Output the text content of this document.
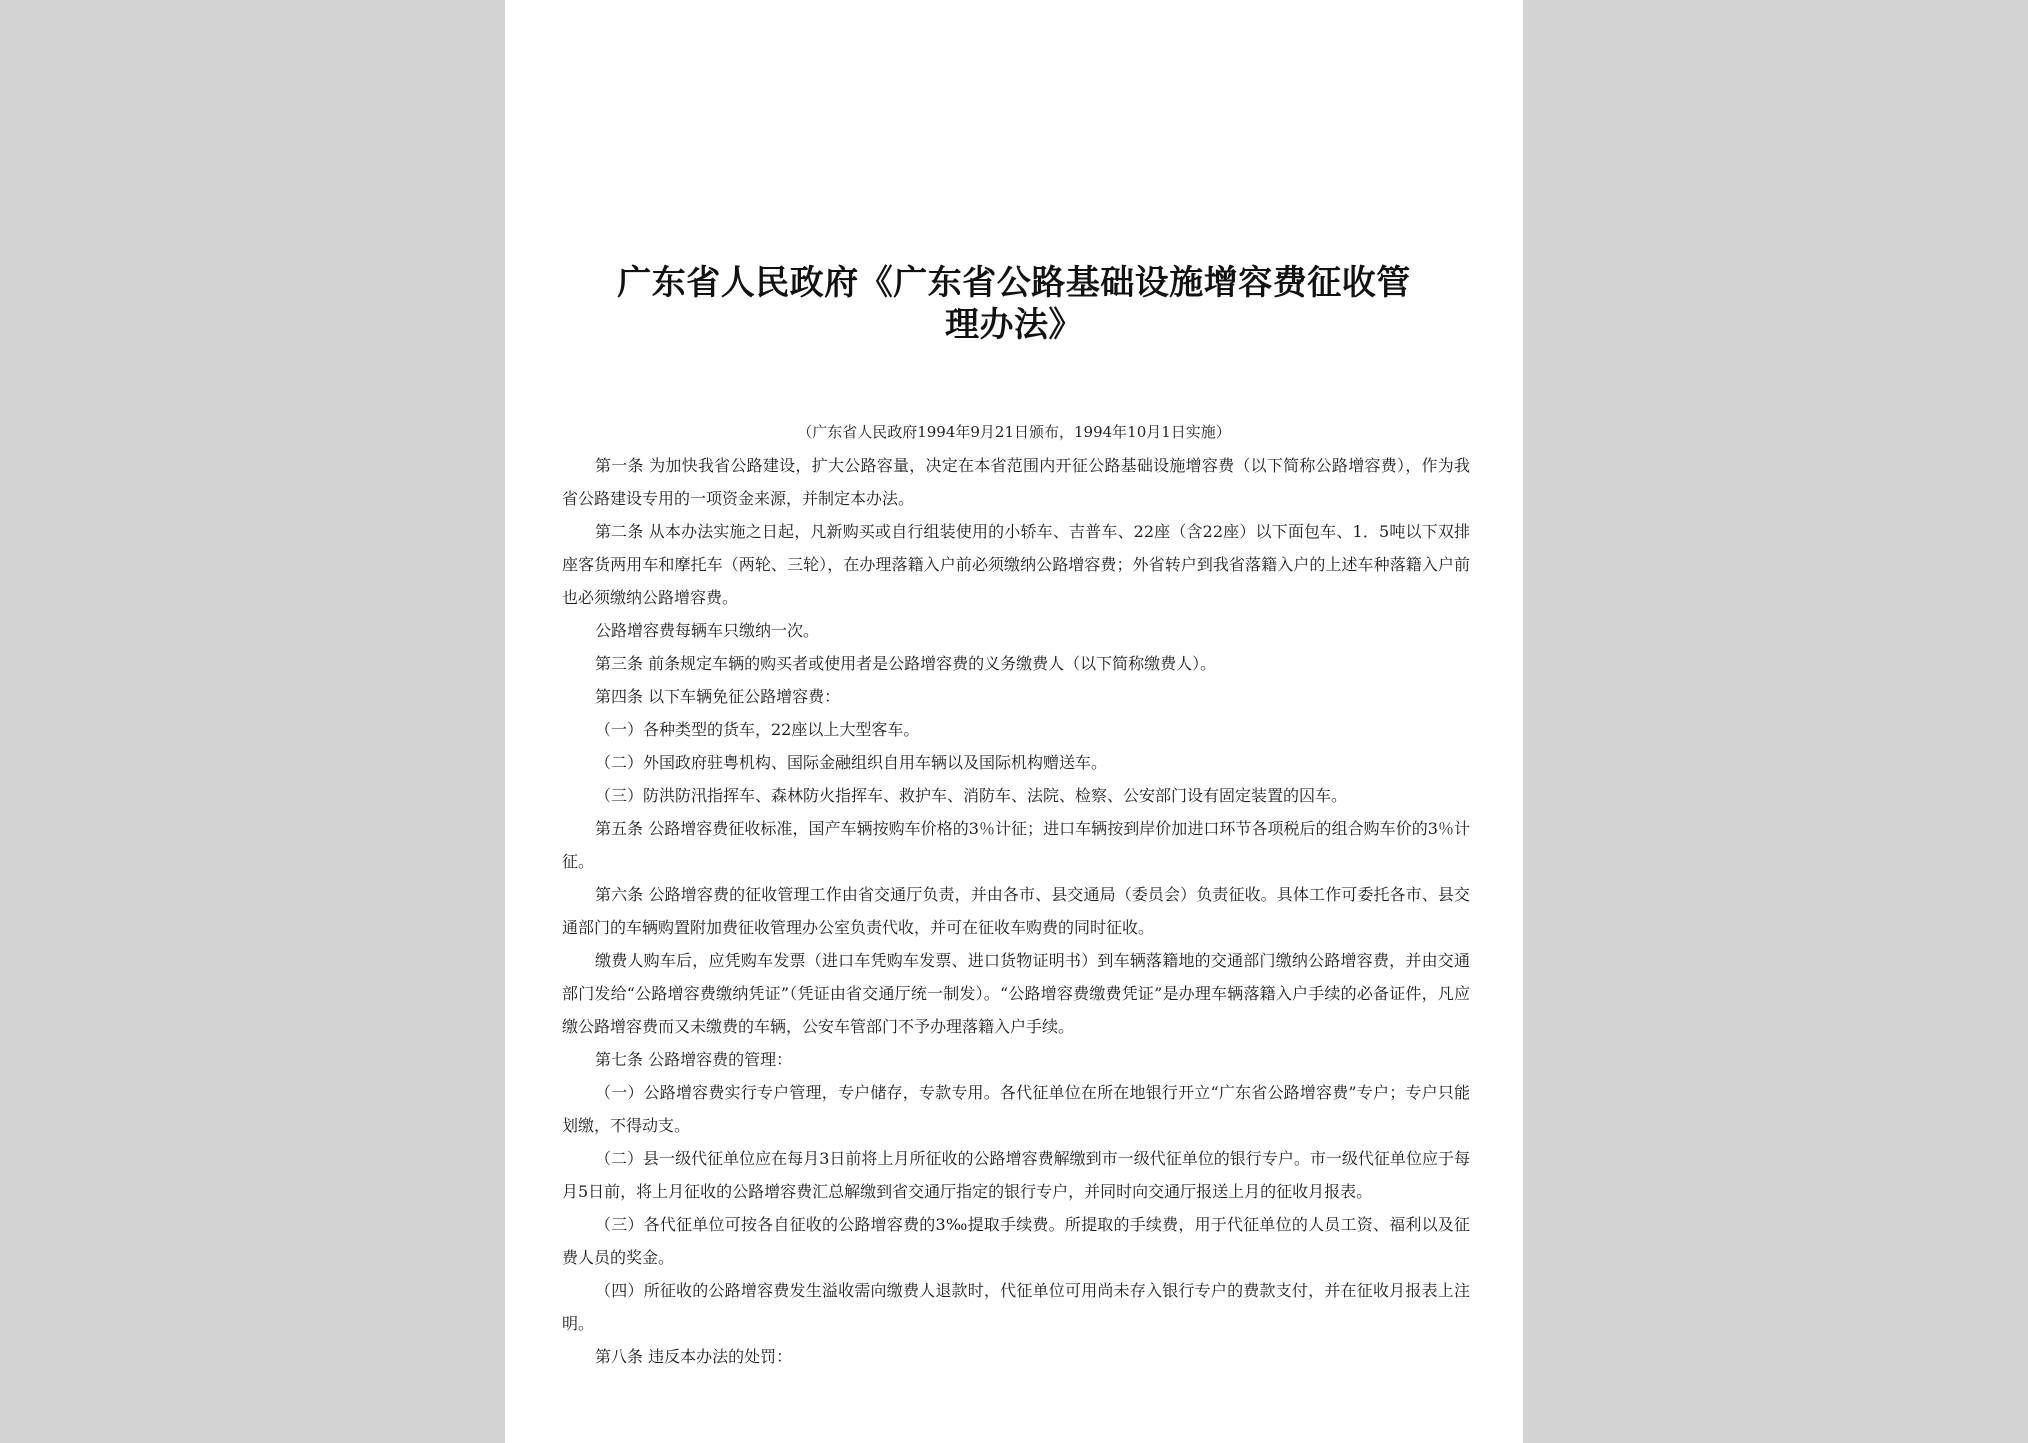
广东省人民政府《广东省公路基础设施增容费征收管
理办法》
（广东省人民政府1994年9月21日颁布，1994年10月1日实施）

第一条 为加快我省公路建设，扩大公路容量，决定在本省范围内开征公路基础设施增容费（以下简称公路增容费），作为我省公路建设专用的一项资金来源，并制定本办法。

第二条 从本办法实施之日起，凡新购买或自行组装使用的小轿车、吉普车、22座（含22座）以下面包车、1．5吨以下双排座客货两用车和摩托车（两轮、三轮），在办理落籍入户前必须缴纳公路增容费；外省转户到我省落籍入户的上述车种落籍入户前也必须缴纳公路增容费。

公路增容费每辆车只缴纳一次。

第三条 前条规定车辆的购买者或使用者是公路增容费的义务缴费人（以下简称缴费人）。

第四条 以下车辆免征公路增容费：

（一）各种类型的货车，22座以上大型客车。

（二）外国政府驻粤机构、国际金融组织自用车辆以及国际机构赠送车。

（三）防洪防汛指挥车、森林防火指挥车、救护车、消防车、法院、检察、公安部门设有固定装置的囚车。

第五条 公路增容费征收标准，国产车辆按购车价格的3％计征；进口车辆按到岸价加进口环节各项税后的组合购车价的3％计征。

第六条 公路增容费的征收管理工作由省交通厅负责，并由各市、县交通局（委员会）负责征收。具体工作可委托各市、县交通部门的车辆购置附加费征收管理办公室负责代收，并可在征收车购费的同时征收。

缴费人购车后，应凭购车发票（进口车凭购车发票、进口货物证明书）到车辆落籍地的交通部门缴纳公路增容费，并由交通部门发给“公路增容费缴纳凭证”（凭证由省交通厅统一制发）。“公路增容费缴费凭证”是办理车辆落籍入户手续的必备证件，凡应缴公路增容费而又未缴费的车辆，公安车管部门不予办理落籍入户手续。

第七条 公路增容费的管理：

（一）公路增容费实行专户管理，专户储存，专款专用。各代征单位在所在地银行开立“广东省公路增容费”专户；专户只能划缴，不得动支。

（二）县一级代征单位应在每月3日前将上月所征收的公路增容费解缴到市一级代征单位的银行专户。市一级代征单位应于每月5日前，将上月征收的公路增容费汇总解缴到省交通厅指定的银行专户，并同时向交通厅报送上月的征收月报表。

（三）各代征单位可按各自征收的公路增容费的3‰提取手续费。所提取的手续费，用于代征单位的人员工资、福利以及征费人员的奖金。

（四）所征收的公路增容费发生溢收需向缴费人退款时，代征单位可用尚未存入银行专户的费款支付，并在征收月报表上注明。

第八条 违反本办法的处罚：
